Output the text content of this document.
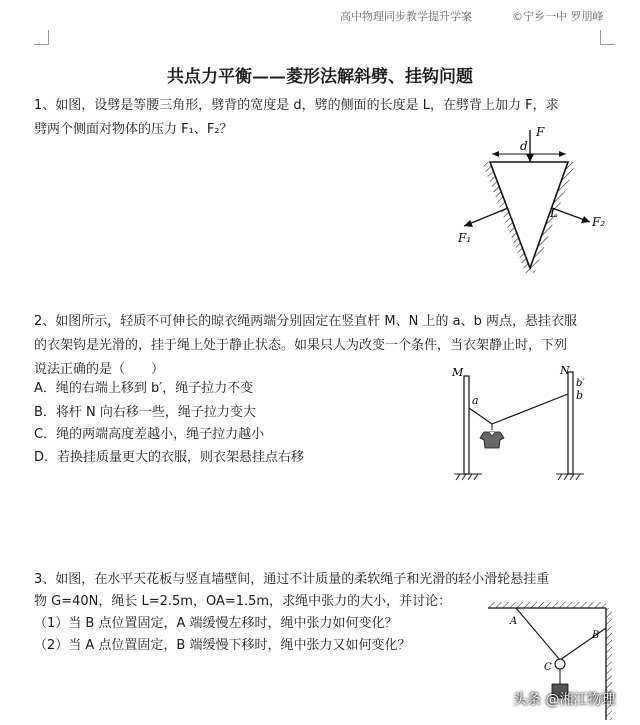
高中物理同步教学提升学案	©宁乡一中 罗朋峰
共点力平衡——菱形法解斜劈、挂钩问题
1、如图，设劈是等腰三角形，劈背的宽度是 d，劈的侧面的长度是 L，在劈背上加力 F，求
劈两个侧面对物体的压力 F₁、F₂？	F
d
L
F₁
F₂
2、如图所示，轻质不可伸长的晾衣绳两端分别固定在竖直杆 M、N 上的 a、b 两点，悬挂衣服
的衣架钩是光滑的，挂于绳上处于静止状态。如果只人为改变一个条件，当衣架静止时，下列
说法正确的是（　　）
A．绳的右端上移到 b′，绳子拉力不变
B．将杆 N 向右移一些，绳子拉力变大
C．绳的两端高度差越小，绳子拉力越小
D．若换挂质量更大的衣服，则衣架悬挂点右移
M	N
a
b′
b
3、如图，在水平天花板与竖直墙壁间，通过不计质量的柔软绳子和光滑的轻小滑轮悬挂重
物 G=40N，绳长 L=2.5m，OA=1.5m，求绳中张力的大小，并讨论：
（1）当 B 点位置固定，A 端缓慢左移时，绳中张力如何变化？
（2）当 A 点位置固定，B 端缓慢下移时，绳中张力又如何变化？
A
B
C
头条 @湘江物理
